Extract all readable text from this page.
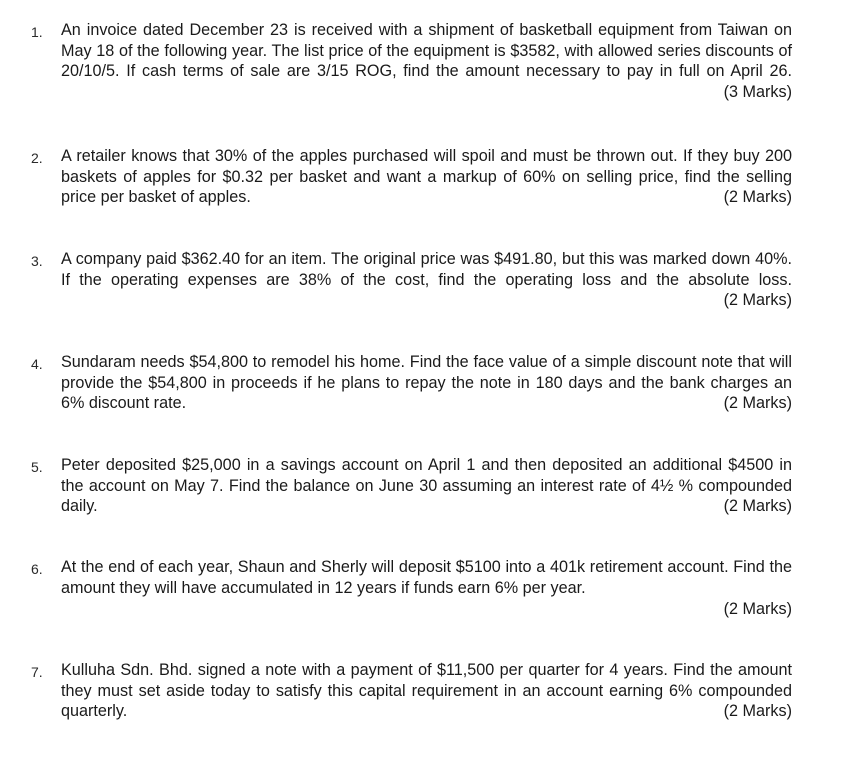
1.

(3 Marks)
An invoice dated December 23 is received with a shipment of basketball equipment from Taiwan on May 18 of the following year. The list price of the equipment is $3582, with allowed series discounts of 20/10/5. If cash terms of sale are 3/15 ROG, find the amount necessary to pay in full on April 26.

2.

(2 Marks)
A retailer knows that 30% of the apples purchased will spoil and must be thrown out. If they buy 200 baskets of apples for $0.32 per basket and want a markup of 60% on selling price, find the selling price per basket of apples.

3.

(2 Marks)
A company paid $362.40 for an item. The original price was $491.80, but this was marked down 40%. If the operating expenses are 38% of the cost, find the operating loss and the absolute loss.

4.

(2 Marks)
Sundaram needs $54,800 to remodel his home. Find the face value of a simple discount note that will provide the $54,800 in proceeds if he plans to repay the note in 180 days and the bank charges an 6% discount rate.

5.

(2 Marks)
Peter deposited $25,000 in a savings account on April 1 and then deposited an additional $4500 in the account on May 7. Find the balance on June 30 assuming an interest rate of 4½ % compounded daily.

6. At the end of each year, Shaun and Sherly will deposit $5100 into a 401k retirement account. Find the amount they will have accumulated in 12 years if funds earn 6% per year.

(2 Marks)
7.

(2 Marks)
Kulluha Sdn. Bhd. signed a note with a payment of $11,500 per quarter for 4 years. Find the amount they must set aside today to satisfy this capital requirement in an account earning 6% compounded quarterly.
